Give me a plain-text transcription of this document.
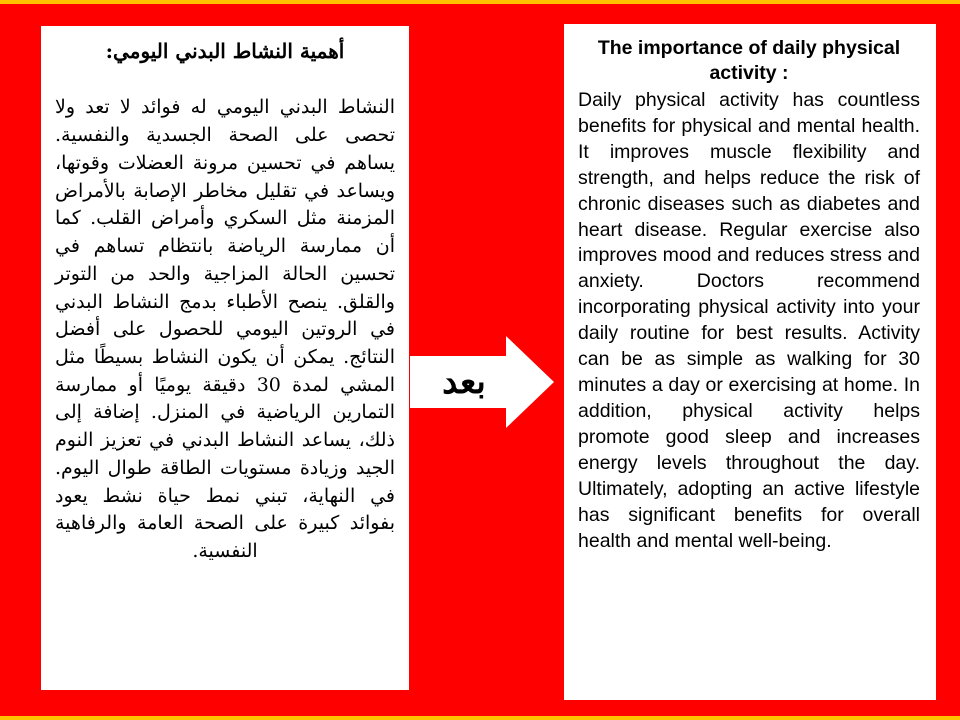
أهمية النشاط البدني اليومي:
النشاط البدني اليومي له فوائد لا تعد ولا تحصى على الصحة الجسدية والنفسية. يساهم في تحسين مرونة العضلات وقوتها، ويساعد في تقليل مخاطر الإصابة بالأمراض المزمنة مثل السكري وأمراض القلب. كما أن ممارسة الرياضة بانتظام تساهم في تحسين الحالة المزاجية والحد من التوتر والقلق. ينصح الأطباء بدمج النشاط البدني في الروتين اليومي للحصول على أفضل النتائج. يمكن أن يكون النشاط بسيطًا مثل المشي لمدة 30 دقيقة يوميًا أو ممارسة التمارين الرياضية في المنزل. إضافة إلى ذلك، يساعد النشاط البدني في تعزيز النوم الجيد وزيادة مستويات الطاقة طوال اليوم. في النهاية، تبني نمط حياة نشط يعود بفوائد كبيرة على الصحة العامة والرفاهية النفسية.
بعد
The importance of daily physical activity :
Daily physical activity has countless benefits for physical and mental health. It improves muscle flexibility and strength, and helps reduce the risk of chronic diseases such as diabetes and heart disease. Regular exercise also improves mood and reduces stress and anxiety. Doctors recommend incorporating physical activity into your daily routine for best results. Activity can be as simple as walking for 30 minutes a day or exercising at home. In addition, physical activity helps promote good sleep and increases energy levels throughout the day. Ultimately, adopting an active lifestyle has significant benefits for overall health and mental well-being.
